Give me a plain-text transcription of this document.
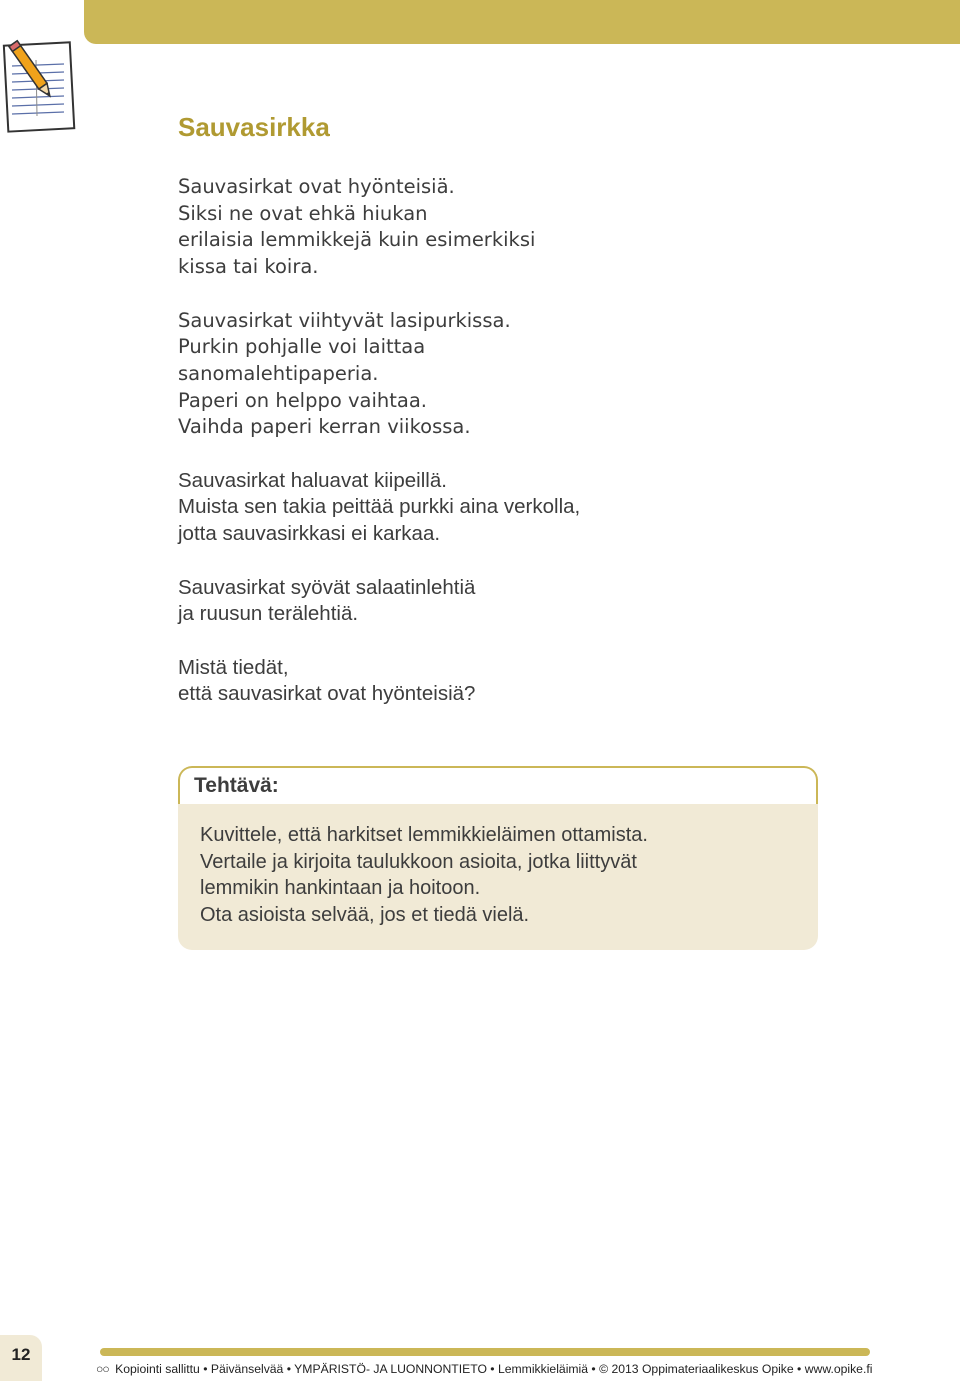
Sauvasirkka

Sauvasirkat ovat hyönteisiä.
Siksi ne ovat ehkä hiukan
erilaisia lemmikkejä kuin esimerkiksi
kissa tai koira.

Sauvasirkat viihtyvät lasipurkissa.
Purkin pohjalle voi laittaa
sanomalehtipaperia.
Paperi on helppo vaihtaa.
Vaihda paperi kerran viikossa.

Sauvasirkat haluavat kiipeillä.
Muista sen takia peittää purkki aina verkolla,
jotta sauvasirkkasi ei karkaa.

Sauvasirkat syövät salaatinlehtiä
ja ruusun terälehtiä.

Mistä tiedät,
että sauvasirkat ovat hyönteisiä?

Tehtävä:
Kuvittele, että harkitset lemmikkieläimen ottamista.
Vertaile ja kirjoita taulukkoon asioita, jotka liittyvät
lemmikin hankintaan ja hoitoon.
Ota asioista selvää, jos et tiedä vielä.
12
○○ Kopiointi sallittu • Päivänselvää • YMPÄRISTÖ- JA LUONNONTIETO • Lemmikkieläimiä • © 2013 Oppimateriaalikeskus Opike • www.opike.fi
